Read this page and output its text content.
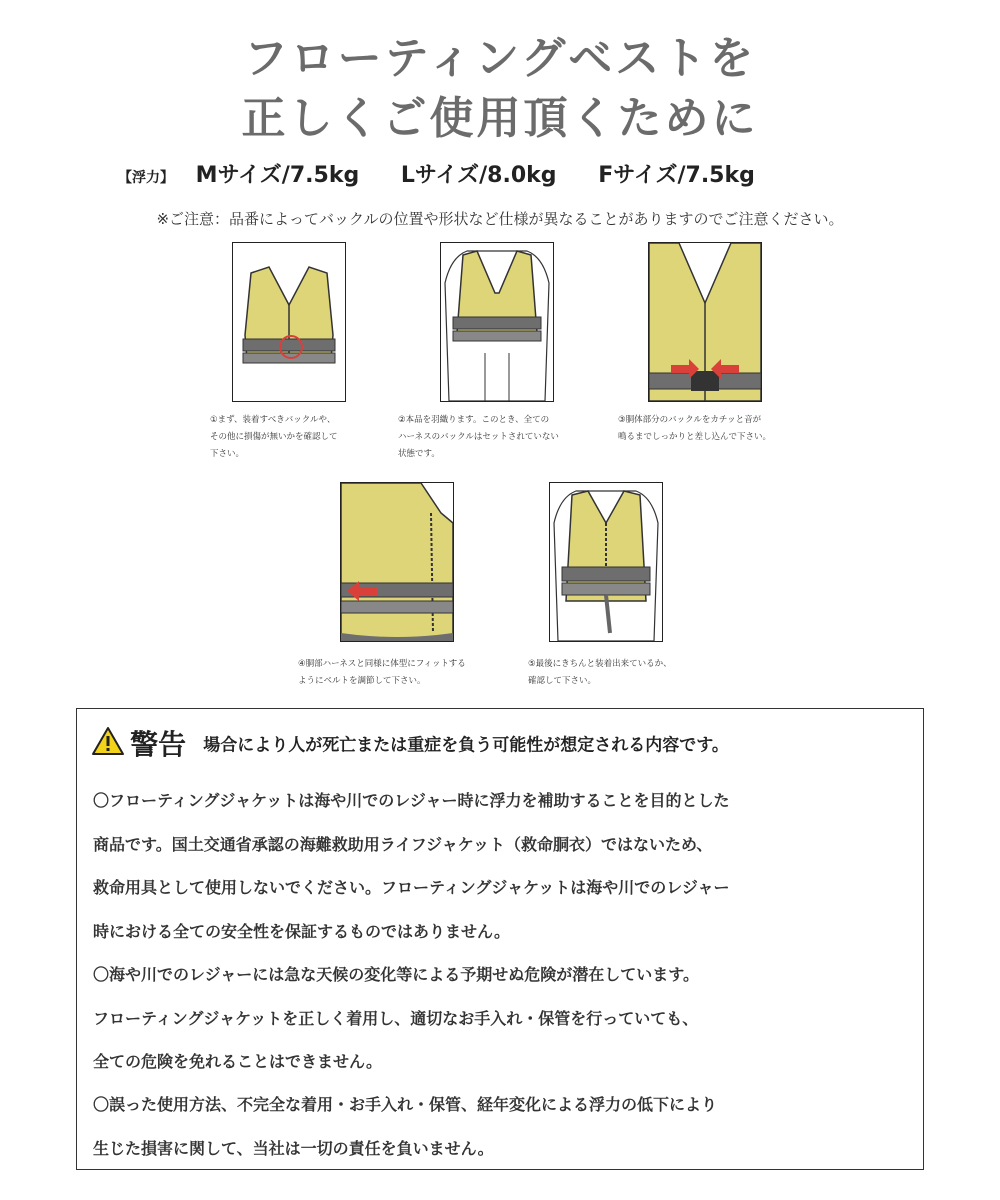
フローティングベストを
正しくご使用頂くために
【浮力】 Mサイズ/7.5kg Lサイズ/8.0kg Fサイズ/7.5kg
※ご注意：品番によってバックルの位置や形状など仕様が異なることがありますのでご注意ください。
①まず、装着すべきバックルや、
その他に損傷が無いかを確認して
下さい。
②本品を羽織ります。このとき、全ての
ハーネスのバックルはセットされていない
状態です。
③胴体部分のバックルをカチッと音が
鳴るまでしっかりと差し込んで下さい。
④胴部ハーネスと同様に体型にフィットする
ようにベルトを調節して下さい。
⑤最後にきちんと装着出来ているか、
確認して下さい。
警告 場合により人が死亡または重症を負う可能性が想定される内容です。

〇フローティングジャケットは海や川でのレジャー時に浮力を補助することを目的とした

商品です。国土交通省承認の海難救助用ライフジャケット（救命胴衣）ではないため、

救命用具として使用しないでください。フローティングジャケットは海や川でのレジャー

時における全ての安全性を保証するものではありません。

〇海や川でのレジャーには急な天候の変化等による予期せぬ危険が潜在しています。

フローティングジャケットを正しく着用し、適切なお手入れ・保管を行っていても、

全ての危険を免れることはできません。

〇誤った使用方法、不完全な着用・お手入れ・保管、経年変化による浮力の低下により

生じた損害に関して、当社は一切の責任を負いません。
